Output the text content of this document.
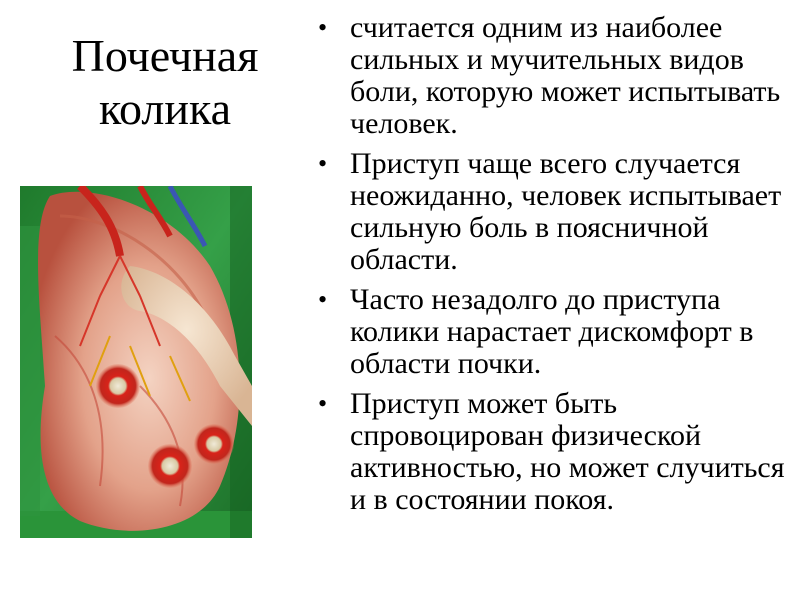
Почечная
колика
• считается одним из наиболее сильных и мучительных видов боли, которую может испытывать человек.
• Приступ чаще всего случается неожиданно, человек испытывает сильную боль в поясничной области.
• Часто незадолго до приступа колики нарастает дискомфорт в области почки.
• Приступ может быть спровоцирован физической активностью, но может случиться и в состоянии покоя.
